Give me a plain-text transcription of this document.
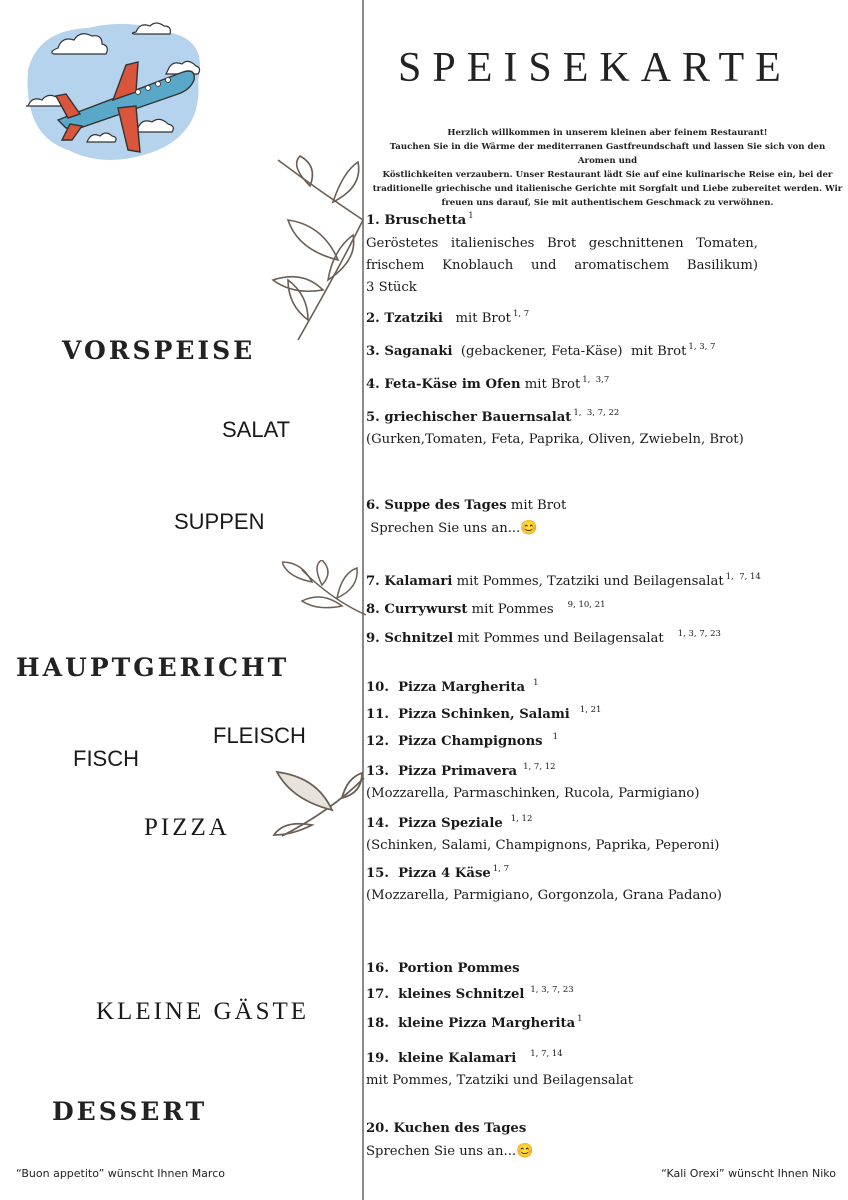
SPEISEKARTE
Herzlich willkommen in unserem kleinen aber feinem Restaurant!
Tauchen Sie in die Wärme der mediterranen Gastfreundschaft und lassen Sie sich von den Aromen und
Köstlichkeiten verzaubern. Unser Restaurant lädt Sie auf eine kulinarische Reise ein, bei der
traditionelle griechische und italienische Gerichte mit Sorgfalt und Liebe zubereitet werden. Wir
freuen uns darauf, Sie mit authentischem Geschmack zu verwöhnen.
VORSPEISE
SALAT
SUPPEN
HAUPTGERICHT
FLEISCH
FISCH
PIZZA
KLEINE GÄSTE
DESSERT
1. Bruschetta $^1$
Geröstetes italienisches Brot geschnittenen Tomaten,
frischem Knoblauch und aromatischem Basilikum)
3 Stück
2. Tzatziki   mit Brot $^{1, 7}$
3. Saganaki  (gebackener, Feta-Käse)  mit Brot $^{1, 3, 7}$
4. Feta-Käse im Ofen mit Brot $^{1, 3,7}$
5. griechischer Bauernsalat $^{1, 3, 7, 22}$
(Gurken,Tomaten, Feta, Paprika, Oliven, Zwiebeln, Brot)
6. Suppe des Tages mit Brot
Sprechen Sie uns an...😊
7. Kalamari mit Pommes, Tzatziki und Beilagensalat $^{1, 7, 14}$
8. Currywurst mit Pommes $^{9, 10, 21}$
9. Schnitzel mit Pommes und Beilagensalat $^{1, 3, 7, 23}$
10.  Pizza Margherita $^1$
11.  Pizza Schinken, Salami $^{1, 21}$
12.  Pizza Champignons $^1$
13.  Pizza Primavera $^{1, 7, 12}$
(Mozzarella, Parmaschinken, Rucola, Parmigiano)
14.  Pizza Speziale $^{1, 12}$
(Schinken, Salami, Champignons, Paprika, Peperoni)
15.  Pizza 4 Käse $^{1, 7}$
(Mozzarella, Parmigiano, Gorgonzola, Grana Padano)
16.  Portion Pommes
17.  kleines Schnitzel $^{1, 3, 7, 23}$
18.  kleine Pizza Margherita $^1$
19.  kleine Kalamari $^{1, 7, 14}$
mit Pommes, Tzatziki und Beilagensalat
20. Kuchen des Tages
Sprechen Sie uns an...😊
“Buon appetito” wünscht Ihnen Marco	“Kali Orexi” wünscht Ihnen Niko
